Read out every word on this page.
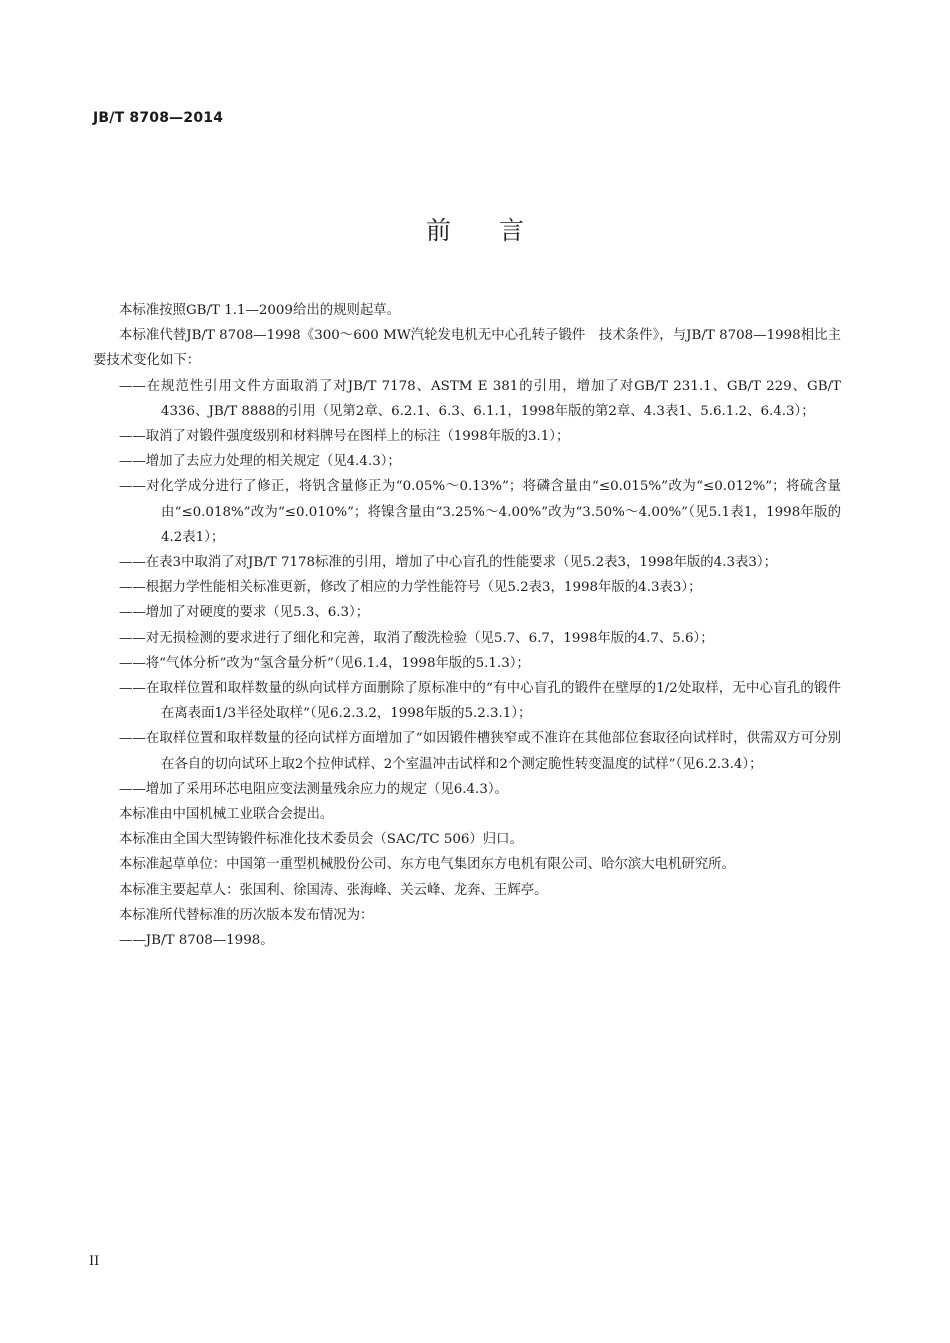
JB/T 8708—2014
前言

本标准按照GB/T 1.1—2009给出的规则起草。

本标准代替JB/T 8708—1998《300～600 MW汽轮发电机无中心孔转子锻件　技术条件》，与JB/T 8708—1998相比主要技术变化如下：

——在规范性引用文件方面取消了对JB/T 7178、ASTM E 381的引用，增加了对GB/T 231.1、GB/T 229、GB/T 4336、JB/T 8888的引用（见第2章、6.2.1、6.3、6.1.1，1998年版的第2章、4.3表1、5.6.1.2、6.4.3）；

——取消了对锻件强度级别和材料牌号在图样上的标注（1998年版的3.1）；

——增加了去应力处理的相关规定（见4.4.3）；

——对化学成分进行了修正，将钒含量修正为“0.05%～0.13%”；将磷含量由“≤0.015%”改为“≤0.012%”；将硫含量由“≤0.018%”改为“≤0.010%”；将镍含量由“3.25%～4.00%”改为“3.50%～4.00%”（见5.1表1，1998年版的4.2表1）；

——在表3中取消了对JB/T 7178标准的引用，增加了中心盲孔的性能要求（见5.2表3，1998年版的4.3表3）；

——根据力学性能相关标准更新，修改了相应的力学性能符号（见5.2表3，1998年版的4.3表3）；

——增加了对硬度的要求（见5.3、6.3）；

——对无损检测的要求进行了细化和完善，取消了酸洗检验（见5.7、6.7，1998年版的4.7、5.6）；

——将“气体分析”改为“氢含量分析”（见6.1.4，1998年版的5.1.3）；

——在取样位置和取样数量的纵向试样方面删除了原标准中的“有中心盲孔的锻件在壁厚的1/2处取样，无中心盲孔的锻件在离表面1/3半径处取样”（见6.2.3.2，1998年版的5.2.3.1）；

——在取样位置和取样数量的径向试样方面增加了“如因锻件槽狭窄或不准许在其他部位套取径向试样时，供需双方可分别在各自的切向试环上取2个拉伸试样、2个室温冲击试样和2个测定脆性转变温度的试样”（见6.2.3.4）；

——增加了采用环芯电阻应变法测量残余应力的规定（见6.4.3）。

本标准由中国机械工业联合会提出。

本标准由全国大型铸锻件标准化技术委员会（SAC/TC 506）归口。

本标准起草单位：中国第一重型机械股份公司、东方电气集团东方电机有限公司、哈尔滨大电机研究所。

本标准主要起草人：张国利、徐国涛、张海峰、关云峰、龙奔、王辉亭。

本标准所代替标准的历次版本发布情况为：

——JB/T 8708—1998。

II
